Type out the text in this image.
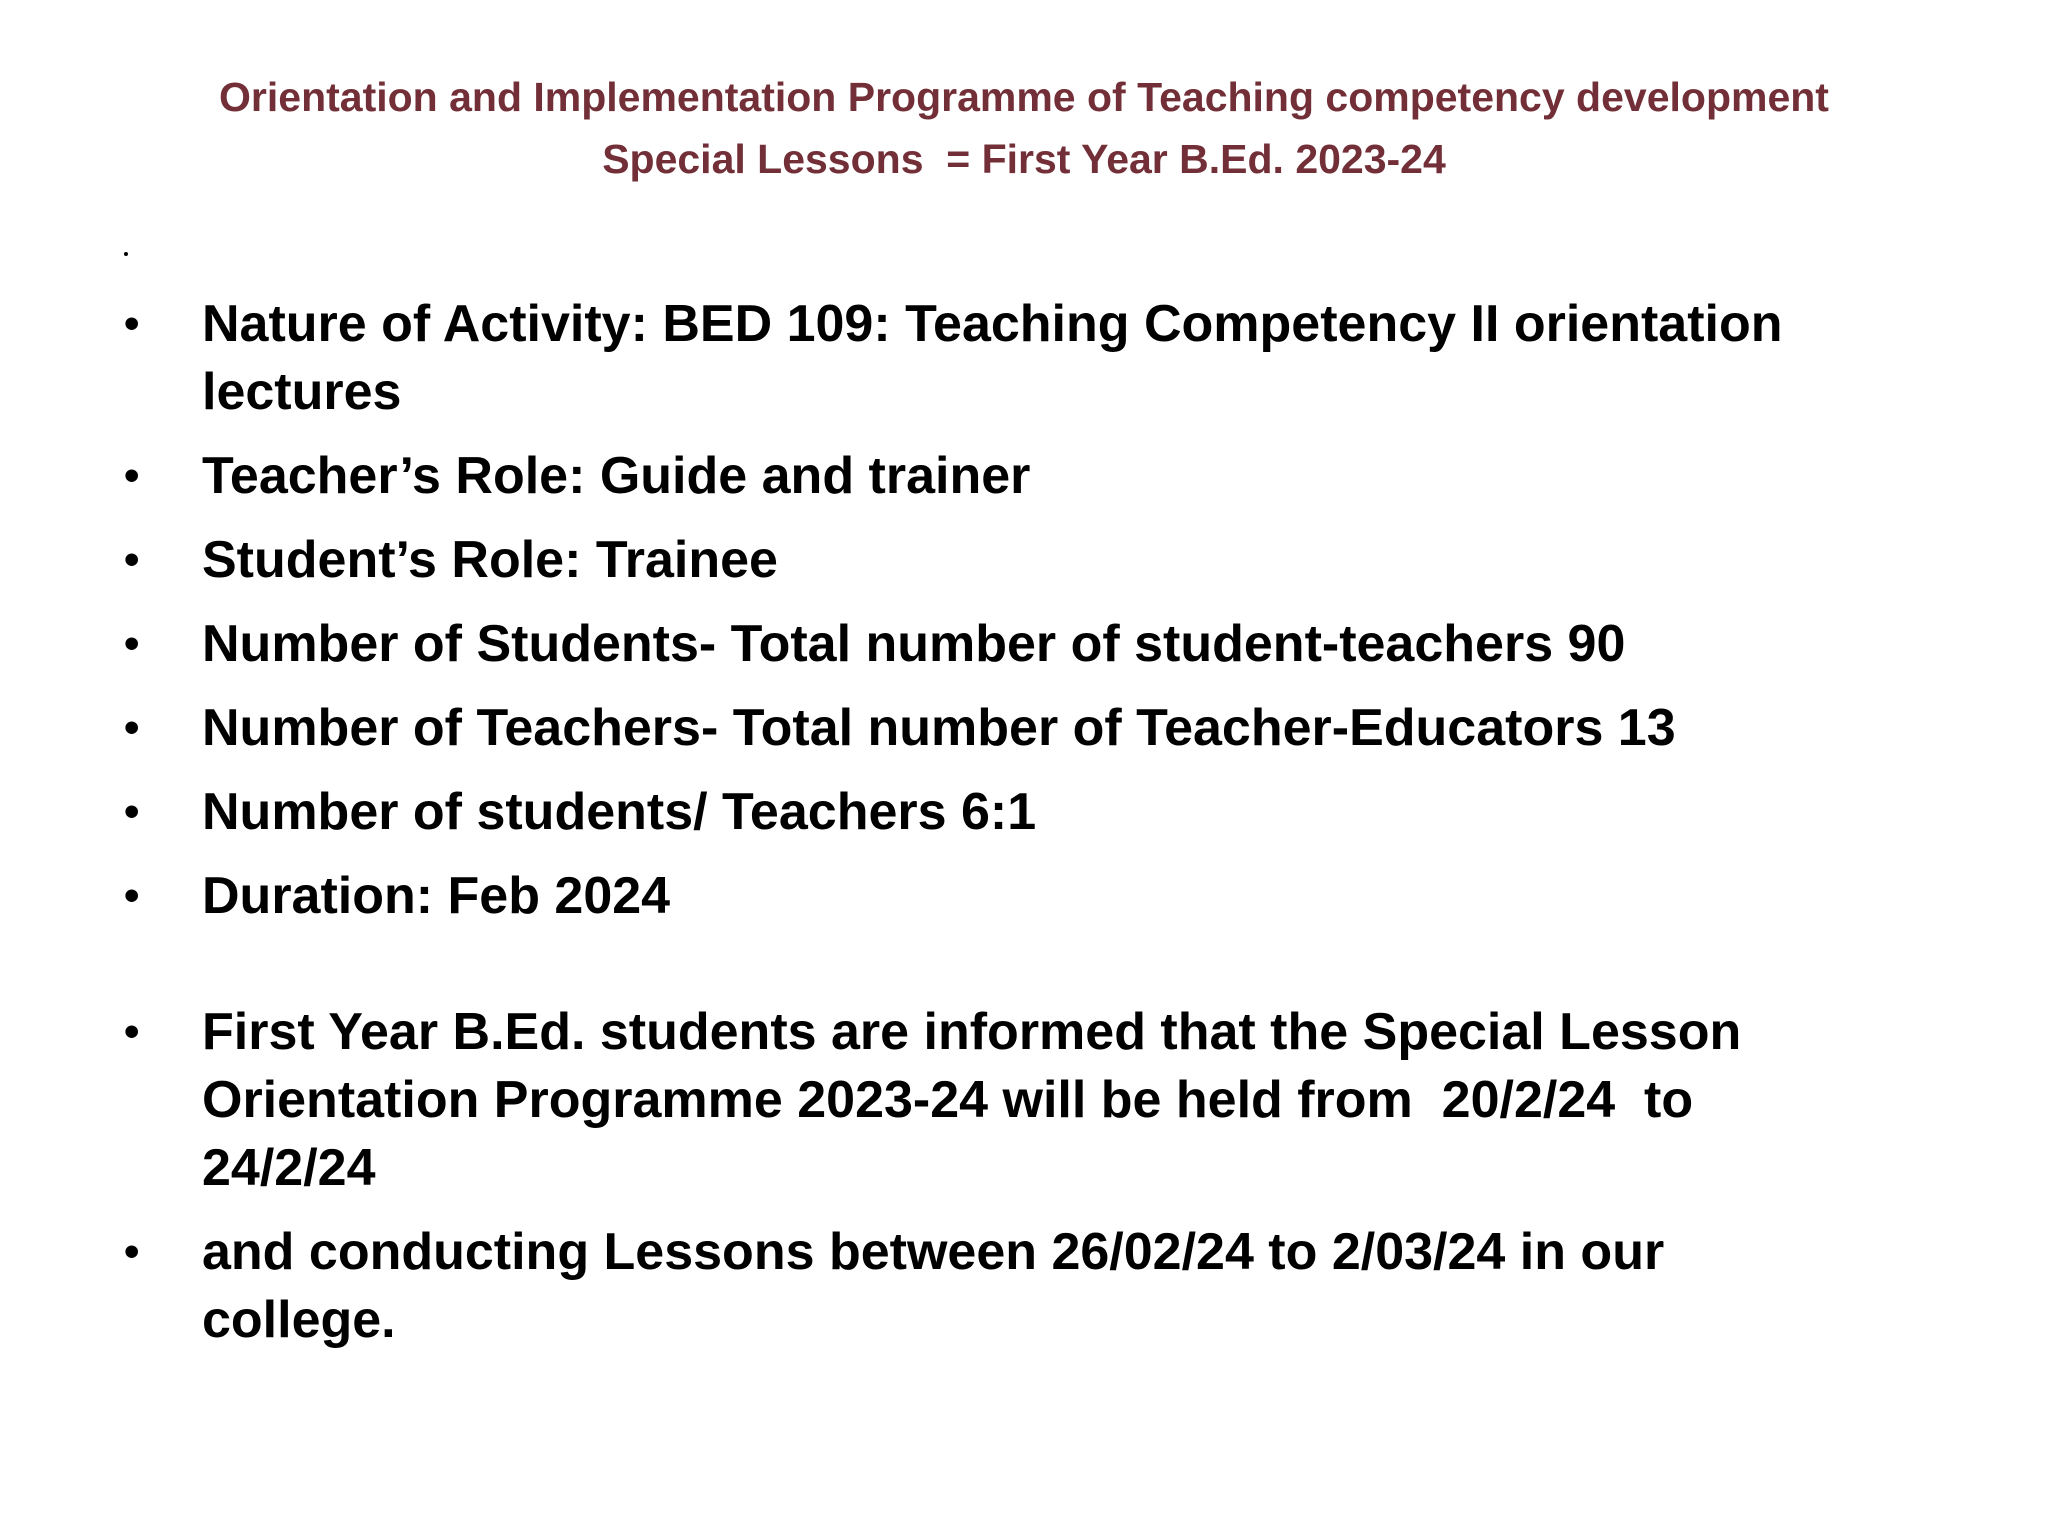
Orientation and Implementation Programme of Teaching competency development
Special Lessons  = First Year B.Ed. 2023-24
• Nature of Activity: BED 109: Teaching Competency II orientation
lectures
• Teacher’s Role: Guide and trainer
• Student’s Role: Trainee
• Number of Students- Total number of student-teachers 90
• Number of Teachers- Total number of Teacher-Educators 13
• Number of students/ Teachers 6:1
• Duration: Feb 2024
• First Year B.Ed. students are informed that the Special Lesson
Orientation Programme 2023-24 will be held from  20/2/24  to
24/2/24
• and conducting Lessons between 26/02/24 to 2/03/24 in our
college.
